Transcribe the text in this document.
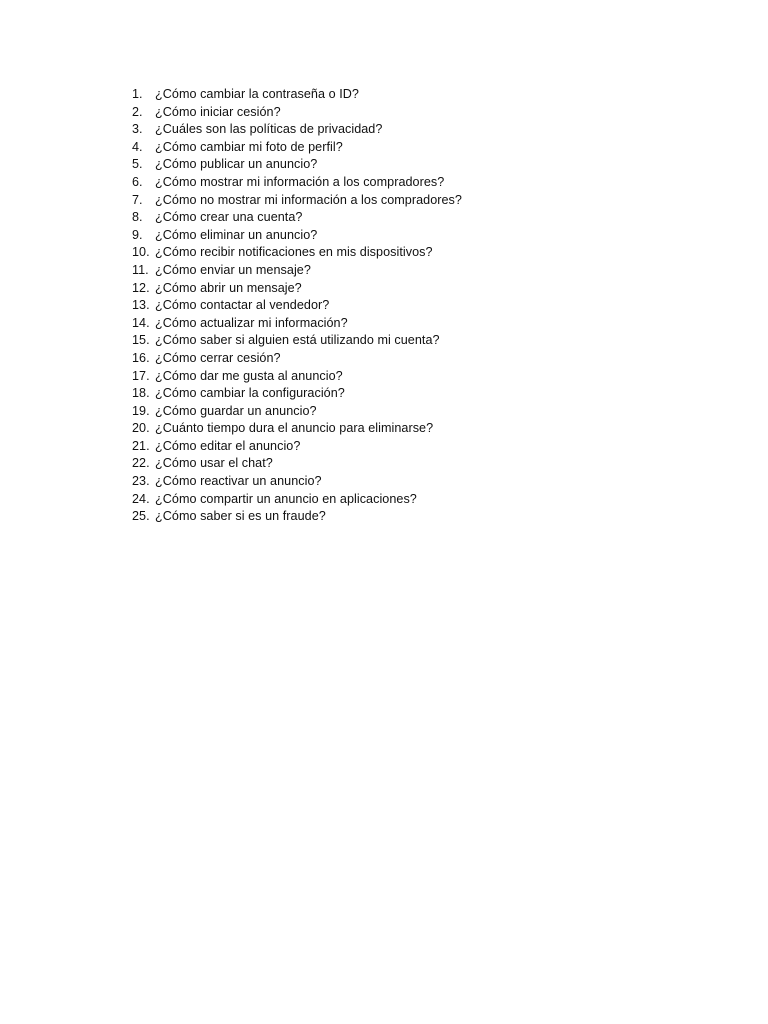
1. ¿Cómo cambiar la contraseña o ID?
2. ¿Cómo iniciar cesión?
3. ¿Cuáles son las políticas de privacidad?
4. ¿Cómo cambiar mi foto de perfil?
5. ¿Cómo publicar un anuncio?
6. ¿Cómo mostrar mi información a los compradores?
7. ¿Cómo no mostrar mi información a los compradores?
8. ¿Cómo crear una cuenta?
9. ¿Cómo eliminar un anuncio?
10. ¿Cómo recibir notificaciones en mis dispositivos?
11. ¿Cómo enviar un mensaje?
12. ¿Cómo abrir un mensaje?
13. ¿Cómo contactar al vendedor?
14. ¿Cómo actualizar mi información?
15. ¿Cómo saber si alguien está utilizando mi cuenta?
16. ¿Cómo cerrar cesión?
17. ¿Cómo dar me gusta al anuncio?
18. ¿Cómo cambiar la configuración?
19. ¿Cómo guardar un anuncio?
20. ¿Cuánto tiempo dura el anuncio para eliminarse?
21. ¿Cómo editar el anuncio?
22. ¿Cómo usar el chat?
23. ¿Cómo reactivar un anuncio?
24. ¿Cómo compartir un anuncio en aplicaciones?
25. ¿Cómo saber si es un fraude?
